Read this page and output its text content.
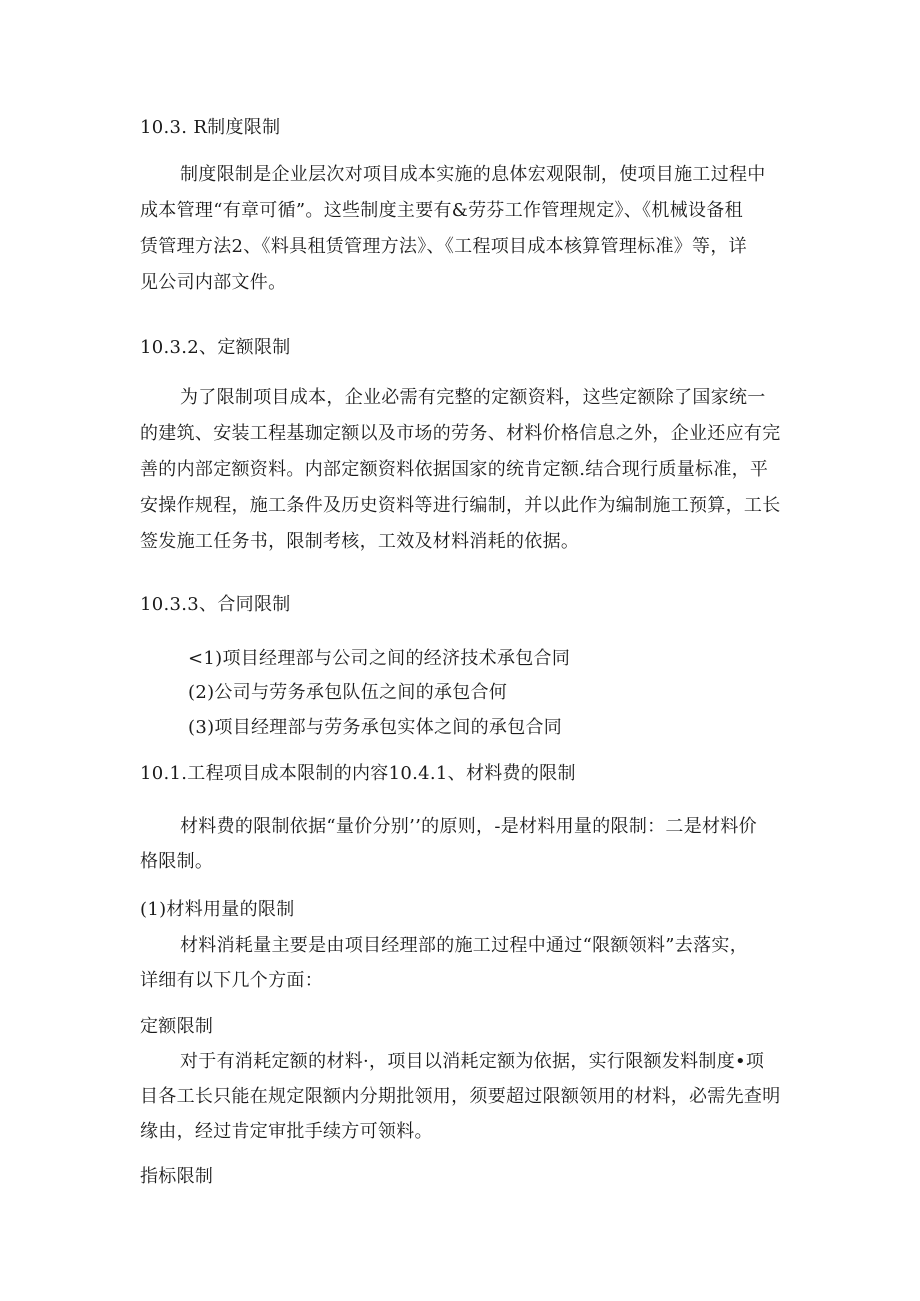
10.3. R制度限制
制度限制是企业层次对项目成本实施的息体宏观限制，使项目施工过程中
成本管理“有章可循”。这些制度主要有&劳芬工作管理规定》、《机械设备租
赁管理方法2、《料具租赁管理方法》、《工程项目成本核算管理标准》等，详
见公司内部文件。
10.3.2、定额限制
为了限制项目成本，企业必需有完整的定额资料，这些定额除了国家统一
的建筑、安装工程基珈定额以及市场的劳务、材料价格信息之外，企业还应有完
善的内部定额资料。内部定额资料依据国家的统肯定额.结合现行质量标准，平
安操作规程，施工条件及历史资料等进行编制，并以此作为编制施工预算，工长
签发施工任务书，限制考核，工效及材料消耗的依据。
10.3.3、合同限制
<1)项目经理部与公司之间的经济技术承包合同
(2)公司与劳务承包队伍之间的承包合何
(3)项目经理部与劳务承包实体之间的承包合同
10.1.工程项目成本限制的内容10.4.1、材料费的限制
材料费的限制依据“量价分别’’的原则，-是材料用量的限制：二是材料价
格限制。
(1)材料用量的限制
材料消耗量主要是由项目经理部的施工过程中通过“限额领料”去落实，
详细有以下几个方面：
定额限制
对于有消耗定额的材料·，项目以消耗定额为依据，实行限额发料制度•项
目各工长只能在规定限额内分期批领用，须要超过限额领用的材料，必需先查明
缘由，经过肯定审批手续方可领料。
指标限制
